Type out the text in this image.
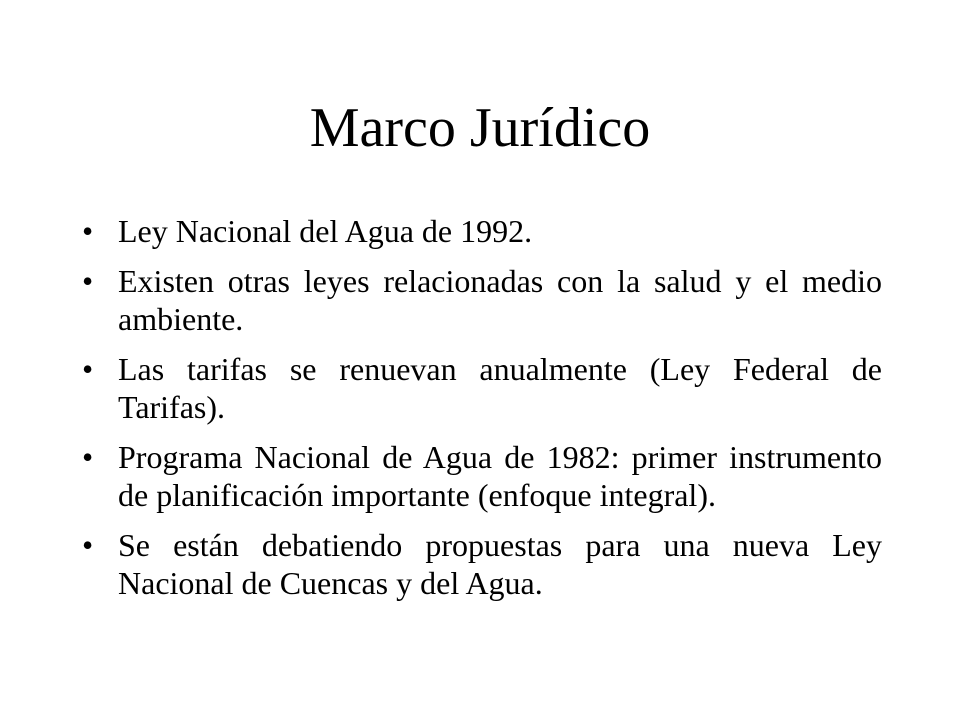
Marco Jurídico
• Ley Nacional del Agua de 1992.
• Existen otras leyes relacionadas con la salud y el medio ambiente.
• Las tarifas se renuevan anualmente (Ley Federal de Tarifas).
• Programa Nacional de Agua de 1982: primer instrumento de planificación importante (enfoque integral).
• Se están debatiendo propuestas para una nueva Ley Nacional de Cuencas y del Agua.
